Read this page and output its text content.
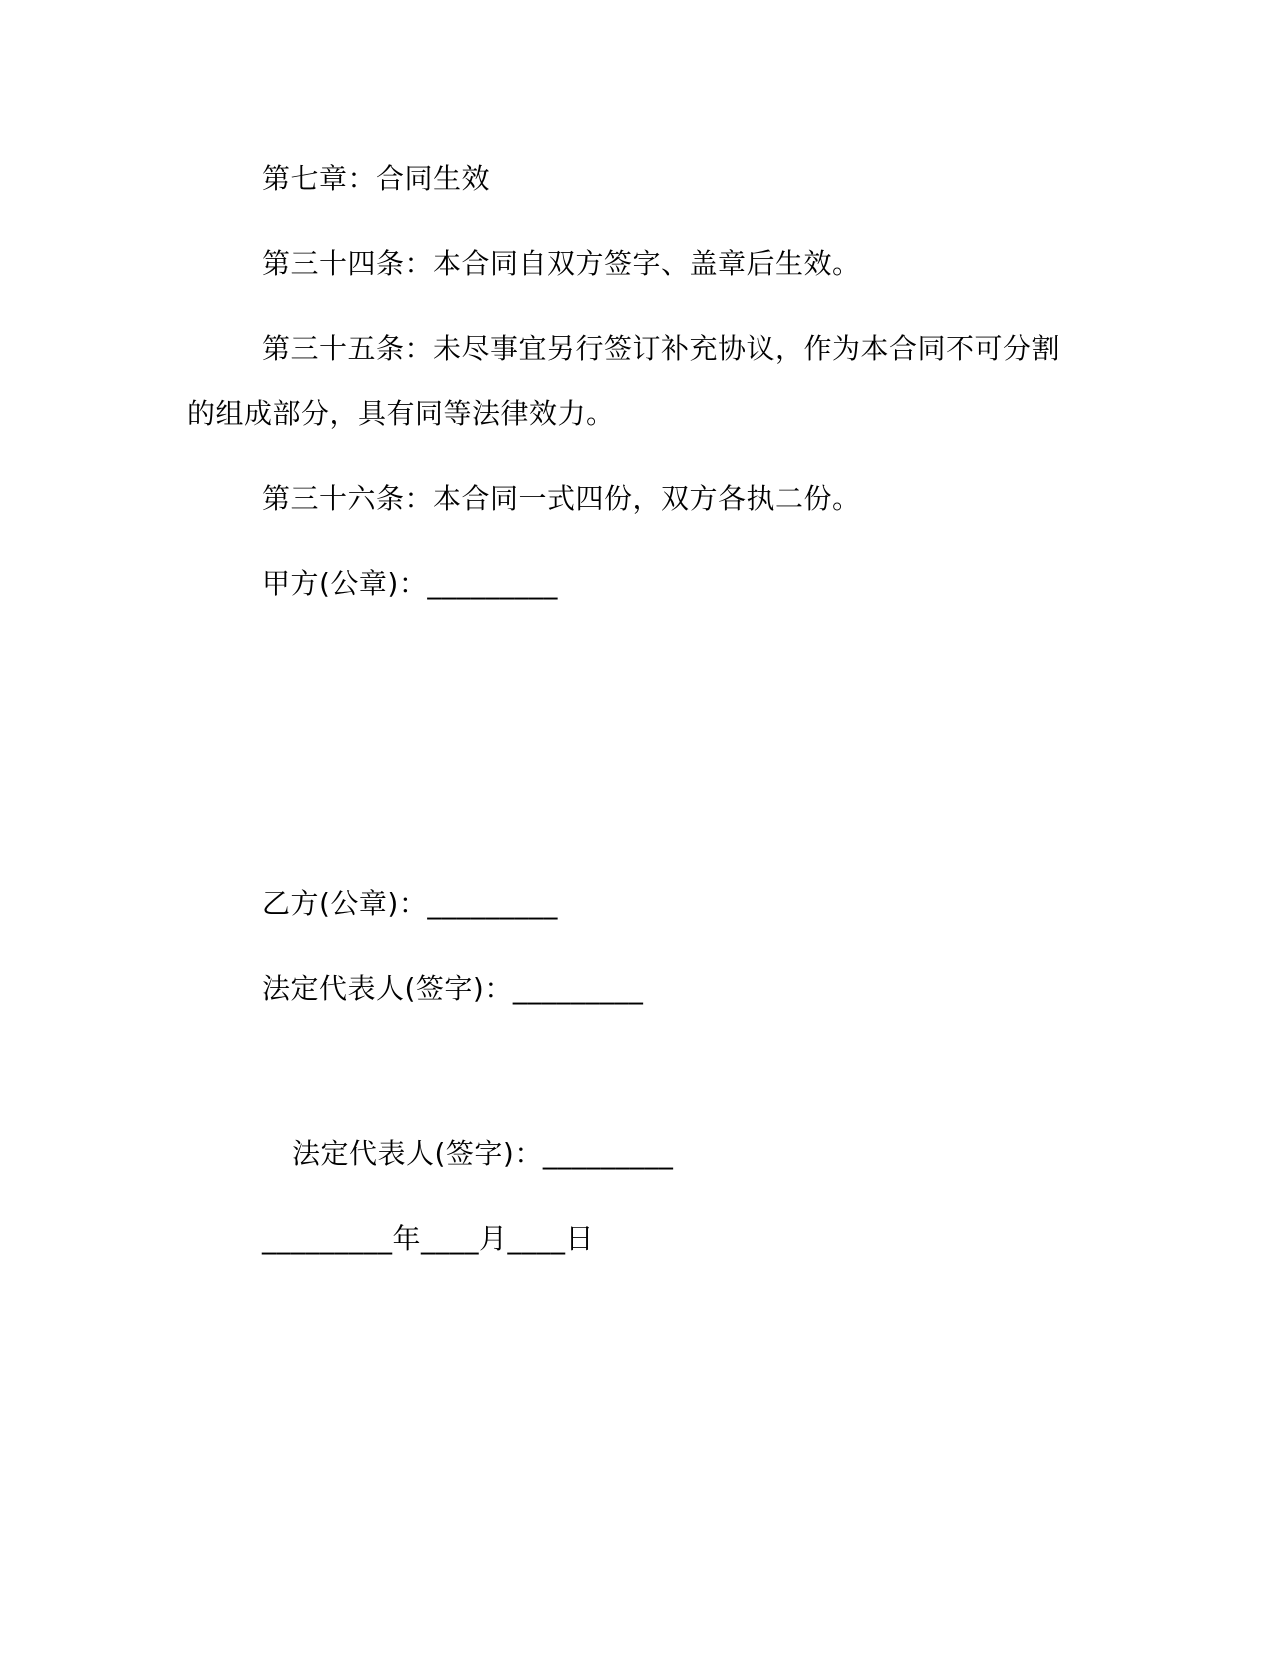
第七章：合同生效
第三十四条：本合同自双方签字、盖章后生效。
第三十五条：未尽事宜另行签订补充协议，作为本合同不可分割
的组成部分，具有同等法律效力。
第三十六条：本合同一式四份，双方各执二份。
甲方(公章)：_________
乙方(公章)：_________
法定代表人(签字)：_________
法定代表人(签字)：_________
_________年____月____日
